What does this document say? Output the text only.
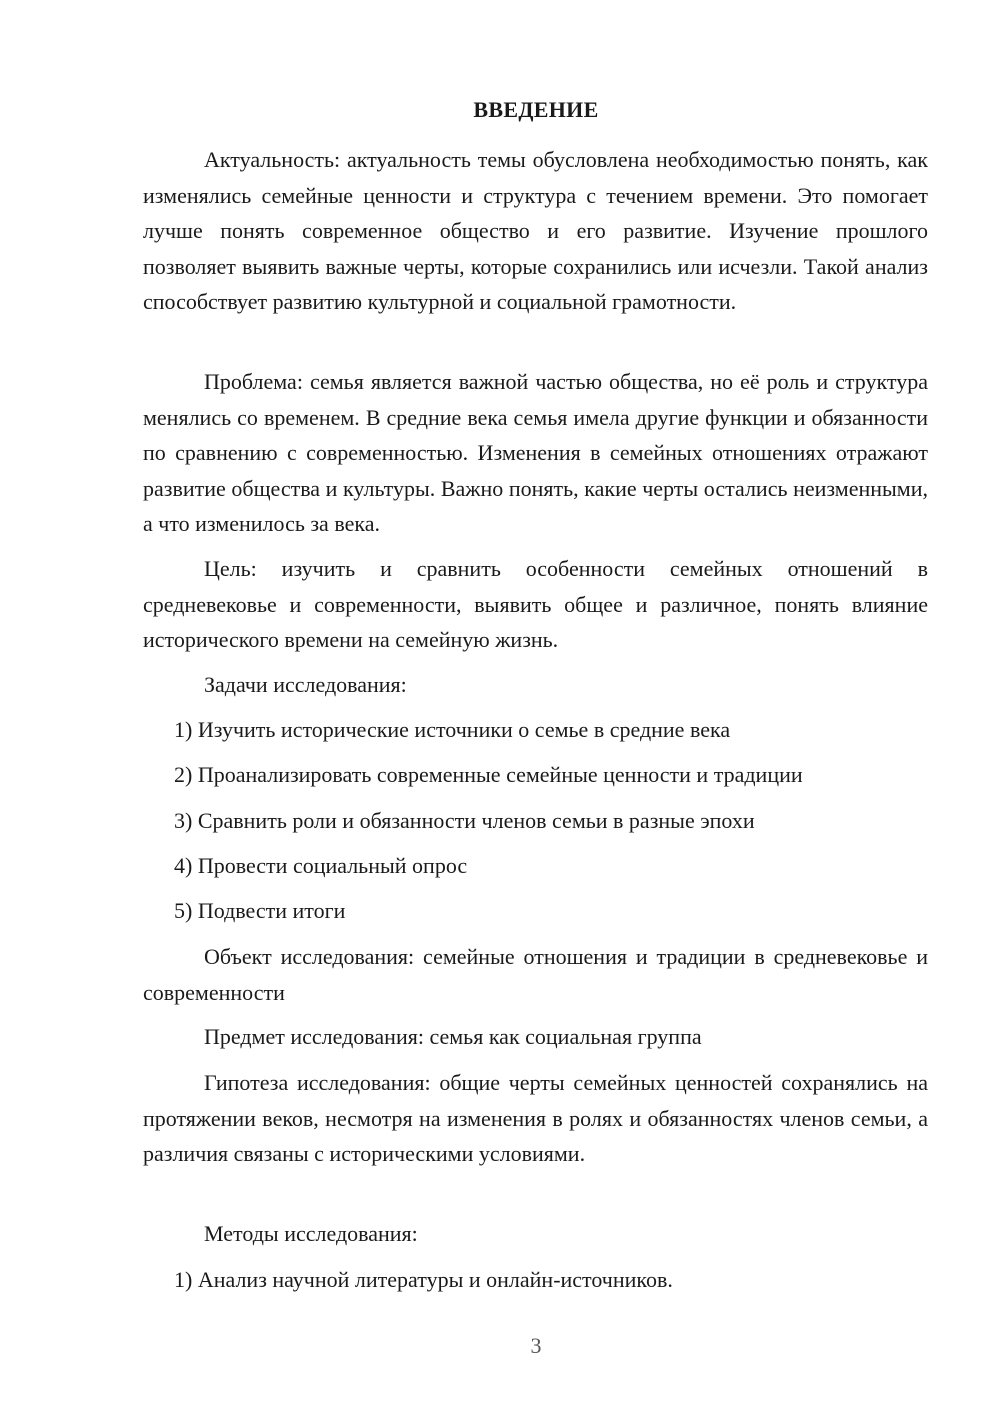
ВВЕДЕНИЕ

Актуальность: актуальность темы обусловлена необходимостью понять, как изменялись семейные ценности и структура с течением времени. Это помогает лучше понять современное общество и его развитие. Изучение прошлого позволяет выявить важные черты, которые сохранились или исчезли. Такой анализ способствует развитию культурной и социальной грамотности.

Проблема: семья является важной частью общества, но её роль и структура менялись со временем. В средние века семья имела другие функции и обязанности по сравнению с современностью. Изменения в семейных отношениях отражают развитие общества и культуры. Важно понять, какие черты остались неизменными, а что изменилось за века.

Цель: изучить и сравнить особенности семейных отношений в средневековье и современности, выявить общее и различное, понять влияние исторического времени на семейную жизнь.

Задачи исследования:
1) Изучить исторические источники о семье в средние века
2) Проанализировать современные семейные ценности и традиции
3) Сравнить роли и обязанности членов семьи в разные эпохи
4) Провести социальный опрос
5) Подвести итоги

Объект исследования: семейные отношения и традиции в средневековье и современности

Предмет исследования: семья как социальная группа

Гипотеза исследования: общие черты семейных ценностей сохранялись на протяжении веков, несмотря на изменения в ролях и обязанностях членов семьи, а различия связаны с историческими условиями.

Методы исследования:
1) Анализ научной литературы и онлайн-источников.
3
